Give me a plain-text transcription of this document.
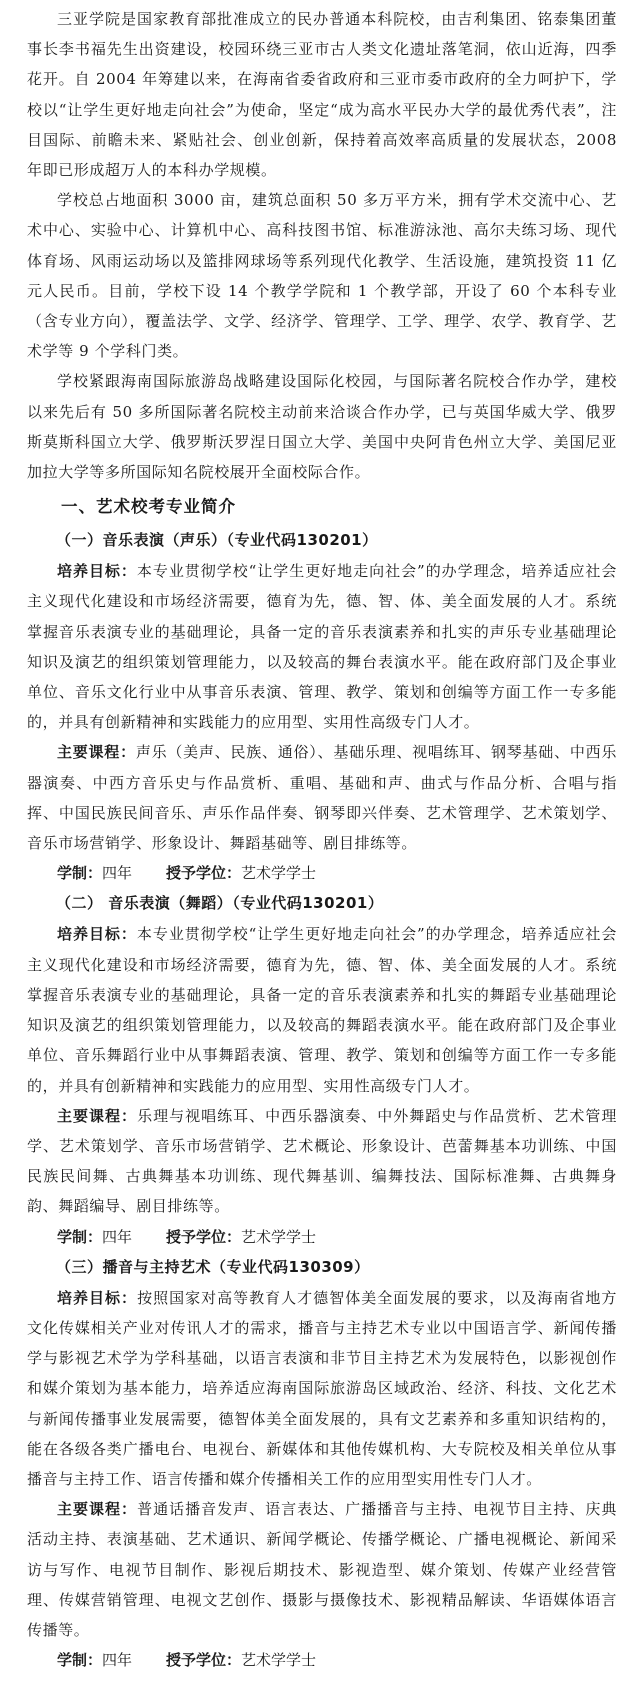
三亚学院是国家教育部批准成立的民办普通本科院校，由吉利集团、铭泰集团董事长李书福先生出资建设，校园环绕三亚市古人类文化遗址落笔洞，依山近海，四季花开。自 2004 年筹建以来，在海南省委省政府和三亚市委市政府的全力呵护下，学校以“让学生更好地走向社会”为使命，坚定“成为高水平民办大学的最优秀代表”，注目国际、前瞻未来、紧贴社会、创业创新，保持着高效率高质量的发展状态，2008 年即已形成超万人的本科办学规模。

学校总占地面积 3000 亩，建筑总面积 50 多万平方米，拥有学术交流中心、艺术中心、实验中心、计算机中心、高科技图书馆、标准游泳池、高尔夫练习场、现代体育场、风雨运动场以及篮排网球场等系列现代化教学、生活设施，建筑投资 11 亿元人民币。目前，学校下设 14 个教学学院和 1 个教学部，开设了 60 个本科专业（含专业方向），覆盖法学、文学、经济学、管理学、工学、理学、农学、教育学、艺术学等 9 个学科门类。

学校紧跟海南国际旅游岛战略建设国际化校园，与国际著名院校合作办学，建校以来先后有 50 多所国际著名院校主动前来洽谈合作办学，已与英国华威大学、俄罗斯莫斯科国立大学、俄罗斯沃罗涅日国立大学、美国中央阿肯色州立大学、美国尼亚加拉大学等多所国际知名院校展开全面校际合作。

一、艺术校考专业简介
（一）音乐表演（声乐）（专业代码130201）

培养目标：本专业贯彻学校“让学生更好地走向社会”的办学理念，培养适应社会主义现代化建设和市场经济需要，德育为先，德、智、体、美全面发展的人才。系统掌握音乐表演专业的基础理论，具备一定的音乐表演素养和扎实的声乐专业基础理论知识及演艺的组织策划管理能力，以及较高的舞台表演水平。能在政府部门及企事业单位、音乐文化行业中从事音乐表演、管理、教学、策划和创编等方面工作一专多能的，并具有创新精神和实践能力的应用型、实用性高级专门人才。

主要课程：声乐（美声、民族、通俗）、基础乐理、视唱练耳、钢琴基础、中西乐器演奏、中西方音乐史与作品赏析、重唱、基础和声、曲式与作品分析、合唱与指挥、中国民族民间音乐、声乐作品伴奏、钢琴即兴伴奏、艺术管理学、艺术策划学、音乐市场营销学、形象设计、舞蹈基础等、剧目排练等。

学制：四年 授予学位：艺术学学士
（二） 音乐表演（舞蹈）（专业代码130201）

培养目标：本专业贯彻学校“让学生更好地走向社会”的办学理念，培养适应社会主义现代化建设和市场经济需要，德育为先，德、智、体、美全面发展的人才。系统掌握音乐表演专业的基础理论，具备一定的音乐表演素养和扎实的舞蹈专业基础理论知识及演艺的组织策划管理能力，以及较高的舞蹈表演水平。能在政府部门及企事业单位、音乐舞蹈行业中从事舞蹈表演、管理、教学、策划和创编等方面工作一专多能的，并具有创新精神和实践能力的应用型、实用性高级专门人才。

主要课程：乐理与视唱练耳、中西乐器演奏、中外舞蹈史与作品赏析、艺术管理学、艺术策划学、音乐市场营销学、艺术概论、形象设计、芭蕾舞基本功训练、中国民族民间舞、古典舞基本功训练、现代舞基训、编舞技法、国际标准舞、古典舞身韵、舞蹈编导、剧目排练等。

学制：四年 授予学位：艺术学学士
（三）播音与主持艺术（专业代码130309）

培养目标：按照国家对高等教育人才德智体美全面发展的要求，以及海南省地方文化传媒相关产业对传讯人才的需求，播音与主持艺术专业以中国语言学、新闻传播学与影视艺术学为学科基础，以语言表演和非节目主持艺术为发展特色，以影视创作和媒介策划为基本能力，培养适应海南国际旅游岛区域政治、经济、科技、文化艺术与新闻传播事业发展需要，德智体美全面发展的，具有文艺素养和多重知识结构的，能在各级各类广播电台、电视台、新媒体和其他传媒机构、大专院校及相关单位从事播音与主持工作、语言传播和媒介传播相关工作的应用型实用性专门人才。

主要课程：普通话播音发声、语言表达、广播播音与主持、电视节目主持、庆典活动主持、表演基础、艺术通识、新闻学概论、传播学概论、广播电视概论、新闻采访与写作、电视节目制作、影视后期技术、影视造型、媒介策划、传媒产业经营管理、传媒营销管理、电视文艺创作、摄影与摄像技术、影视精品解读、华语媒体语言传播等。

学制：四年 授予学位：艺术学学士
